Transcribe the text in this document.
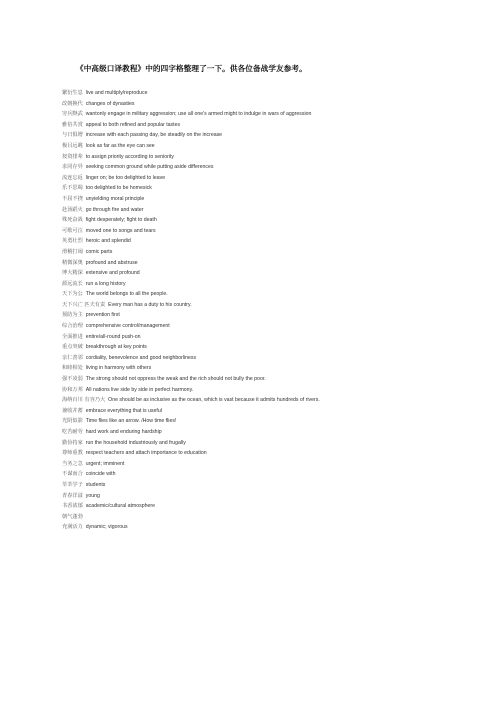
《中高级口译教程》中的四字格整理了一下。供各位备战学友参考。
繁衍生息 live and multiply/reproduce
改朝换代 changes of dynasties
穷兵黩武 wantonly engage in military aggression; use all one's armed might to indulge in wars of aggression
雅俗共赏 appeal to both refined and popular tastes
与日俱增 increase with each passing day, be steadily on the increase
极目远眺 look as far as the eye can see
按资排辈 to assign priority according to seniority
求同存异 seeking common ground while putting aside differences
流连忘返 linger on; be too delighted to leave
乐不思蜀 too delighted to be homesick
不屈不挠 unyielding moral principle
赴汤蹈火 go through fire and water
殊死奋战 fight desperately; fight to death
可歌可泣 moved one to songs and tears
英勇壮烈 heroic and splendid
滑稽打闹 comic parts
精微深奥 profound and abstruse
博大精深 extensive and profound
源远流长 run a long history
天下为公 The world belongs to all the people.
天下兴亡 匹夫有责 Every man has a duty to his country.
预防为主 prevention first
综合治理 comprehensive control/management
全面推进 entire/all-round push-on
重点突破 breakthrough at key points
亲仁善邻 cordiality, benevolence and good neighborliness
和睦相处 living in harmony with others
强不凌弱 The strong should not oppress the weak and the rich should not bully the poor.
协和万邦 All nations live side by side in perfect harmony.
海纳百川 有容乃大 One should be as inclusive as the ocean, which is vast because it admits hundreds of rivers.
兼收并蓄 embrace everything that is useful
光阴似箭 Time flies like an arrow. /How time flies!
吃苦耐劳 hard work and enduring hardship
勤俭持家 run the household industriously and frugally
尊师重教 respect teachers and attach importance to education
当务之急 urgent; imminent
不谋而合 coincide with
莘莘学子 students
青春洋溢 young
书香浓郁 academic/cultural atmosphere
朝气蓬勃
充满活力 dynamic; vigorous
